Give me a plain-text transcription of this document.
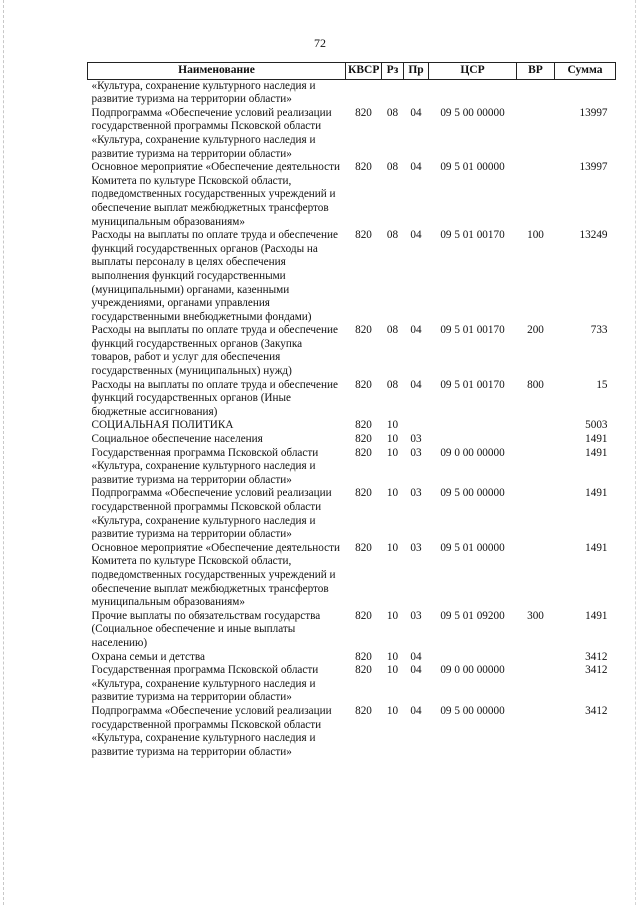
72
Наименование	КВСР	Рз	Пр	ЦСР	ВР	Сумма
«Культура, сохранение культурного наследия и развитие туризма на территории области»						
Подпрограмма «Обеспечение условий реализации государственной программы Псковской области «Культура, сохранение культурного наследия и развитие туризма на территории области»	820	08	04	09 5 00 00000		13997
Основное мероприятие «Обеспечение деятельности Комитета по культуре Псковской области, подведомственных государственных учреждений и обеспечение выплат межбюджетных трансфертов муниципальным образованиям»	820	08	04	09 5 01 00000		13997
Расходы на выплаты по оплате труда и обеспечение функций государственных органов (Расходы на выплаты персоналу в целях обеспечения выполнения функций государственными (муниципальными) органами, казенными учреждениями, органами управления государственными внебюджетными фондами)	820	08	04	09 5 01 00170	100	13249
Расходы на выплаты по оплате труда и обеспечение функций государственных органов (Закупка товаров, работ и услуг для обеспечения государственных (муниципальных) нужд)	820	08	04	09 5 01 00170	200	733
Расходы на выплаты по оплате труда и обеспечение функций государственных органов (Иные бюджетные ассигнования)	820	08	04	09 5 01 00170	800	15
СОЦИАЛЬНАЯ ПОЛИТИКА	820	10				5003
Социальное обеспечение населения	820	10	03			1491
Государственная программа Псковской области «Культура, сохранение культурного наследия и развитие туризма на территории области»	820	10	03	09 0 00 00000		1491
Подпрограмма «Обеспечение условий реализации государственной программы Псковской области «Культура, сохранение культурного наследия и развитие туризма на территории области»	820	10	03	09 5 00 00000		1491
Основное мероприятие «Обеспечение деятельности Комитета по культуре Псковской области, подведомственных государственных учреждений и обеспечение выплат межбюджетных трансфертов муниципальным образованиям»	820	10	03	09 5 01 00000		1491
Прочие выплаты по обязательствам государства (Социальное обеспечение и иные выплаты населению)	820	10	03	09 5 01 09200	300	1491
Охрана семьи и детства	820	10	04			3412
Государственная программа Псковской области «Культура, сохранение культурного наследия и развитие туризма на территории области»	820	10	04	09 0 00 00000		3412
Подпрограмма «Обеспечение условий реализации государственной программы Псковской области «Культура, сохранение культурного наследия и развитие туризма на территории области»	820	10	04	09 5 00 00000		3412
